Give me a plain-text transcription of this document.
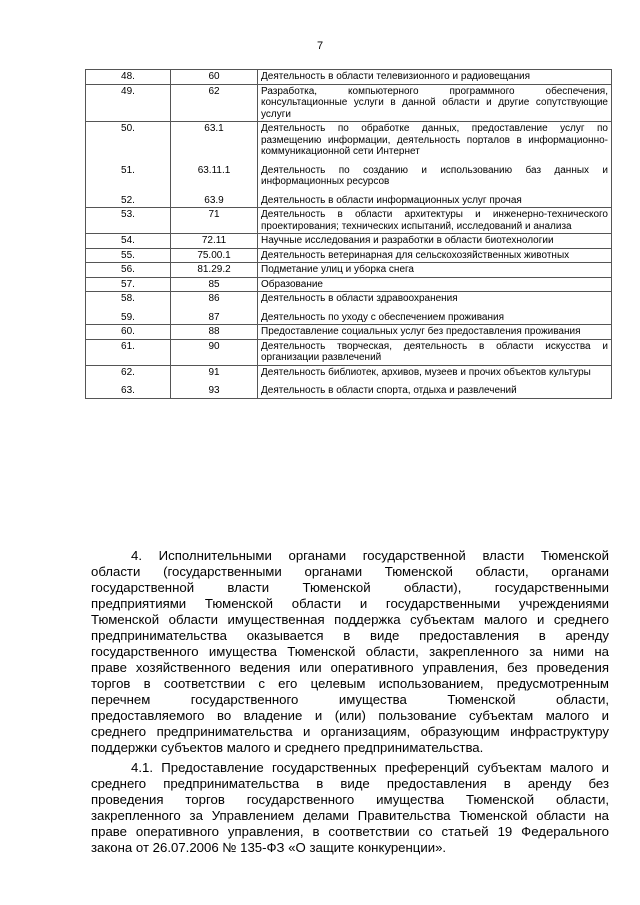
7
48.	60	Деятельность в области телевизионного и радиовещания
49.	62	Разработка, компьютерного программного обеспечения, консультационные услуги в данной области и другие сопутствующие услуги
50.	63.1	Деятельность по обработке данных, предоставление услуг по размещению информации, деятельность порталов в информационно-коммуникационной сети Интернет
51.	63.11.1	Деятельность по созданию и использованию баз данных и информационных ресурсов
52.	63.9	Деятельность в области информационных услуг прочая
53.	71	Деятельность в области архитектуры и инженерно-технического проектирования; технических испытаний, исследований и анализа
54.	72.11	Научные исследования и разработки в области биотехнологии
55.	75.00.1	Деятельность ветеринарная для сельскохозяйственных животных
56.	81.29.2	Подметание улиц и уборка снега
57.	85	Образование
58.	86	Деятельность в области здравоохранения
59.	87	Деятельность по уходу с обеспечением проживания
60.	88	Предоставление социальных услуг без предоставления проживания
61.	90	Деятельность творческая, деятельность в области искусства и организации развлечений
62.	91	Деятельность библиотек, архивов, музеев и прочих объектов культуры
63.	93	Деятельность в области спорта, отдыха и развлечений
4. Исполнительными органами государственной власти Тюменской
области (государственными органами Тюменской области, органами
государственной власти Тюменской области), государственными
предприятиями Тюменской области и государственными учреждениями
Тюменской области имущественная поддержка субъектам малого и среднего
предпринимательства оказывается в виде предоставления в аренду
государственного имущества Тюменской области, закрепленного за ними на
праве хозяйственного ведения или оперативного управления, без проведения
торгов в соответствии с его целевым использованием, предусмотренным
перечнем государственного имущества Тюменской области,
предоставляемого во владение и (или) пользование субъектам малого и
среднего предпринимательства и организациям, образующим инфраструктуру
поддержки субъектов малого и среднего предпринимательства.
4.1. Предоставление государственных преференций субъектам малого и
среднего предпринимательства в виде предоставления в аренду без
проведения торгов государственного имущества Тюменской области,
закрепленного за Управлением делами Правительства Тюменской области на
праве оперативного управления, в соответствии со статьей 19 Федерального
закона от 26.07.2006 № 135-ФЗ «О защите конкуренции».
